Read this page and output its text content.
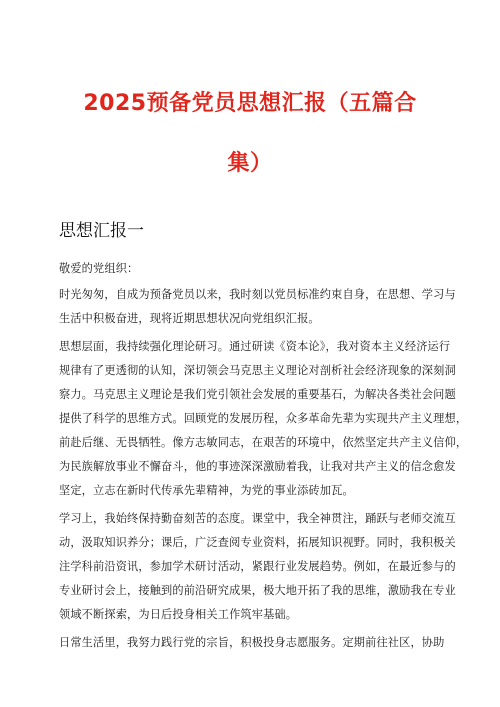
2025预备党员思想汇报（五篇合
集）
思想汇报一

敬爱的党组织：

时光匆匆，自成为预备党员以来，我时刻以党员标准约束自身，在思想、学习与

生活中积极奋进，现将近期思想状况向党组织汇报。

思想层面，我持续强化理论研习。通过研读《资本论》，我对资本主义经济运行

规律有了更透彻的认知，深切领会马克思主义理论对剖析社会经济现象的深刻洞

察力。马克思主义理论是我们党引领社会发展的重要基石，为解决各类社会问题

提供了科学的思维方式。回顾党的发展历程，众多革命先辈为实现共产主义理想，

前赴后继、无畏牺牲。像方志敏同志，在艰苦的环境中，依然坚定共产主义信仰，

为民族解放事业不懈奋斗，他的事迹深深激励着我，让我对共产主义的信念愈发

坚定，立志在新时代传承先辈精神，为党的事业添砖加瓦。

学习上，我始终保持勤奋刻苦的态度。课堂中，我全神贯注，踊跃与老师交流互

动，汲取知识养分；课后，广泛查阅专业资料，拓展知识视野。同时，我积极关

注学科前沿资讯，参加学术研讨活动，紧跟行业发展趋势。例如，在最近参与的

专业研讨会上，接触到的前沿研究成果，极大地开拓了我的思维，激励我在专业

领域不断探索，为日后投身相关工作筑牢基础。

日常生活里，我努力践行党的宗旨，积极投身志愿服务。定期前往社区，协助
